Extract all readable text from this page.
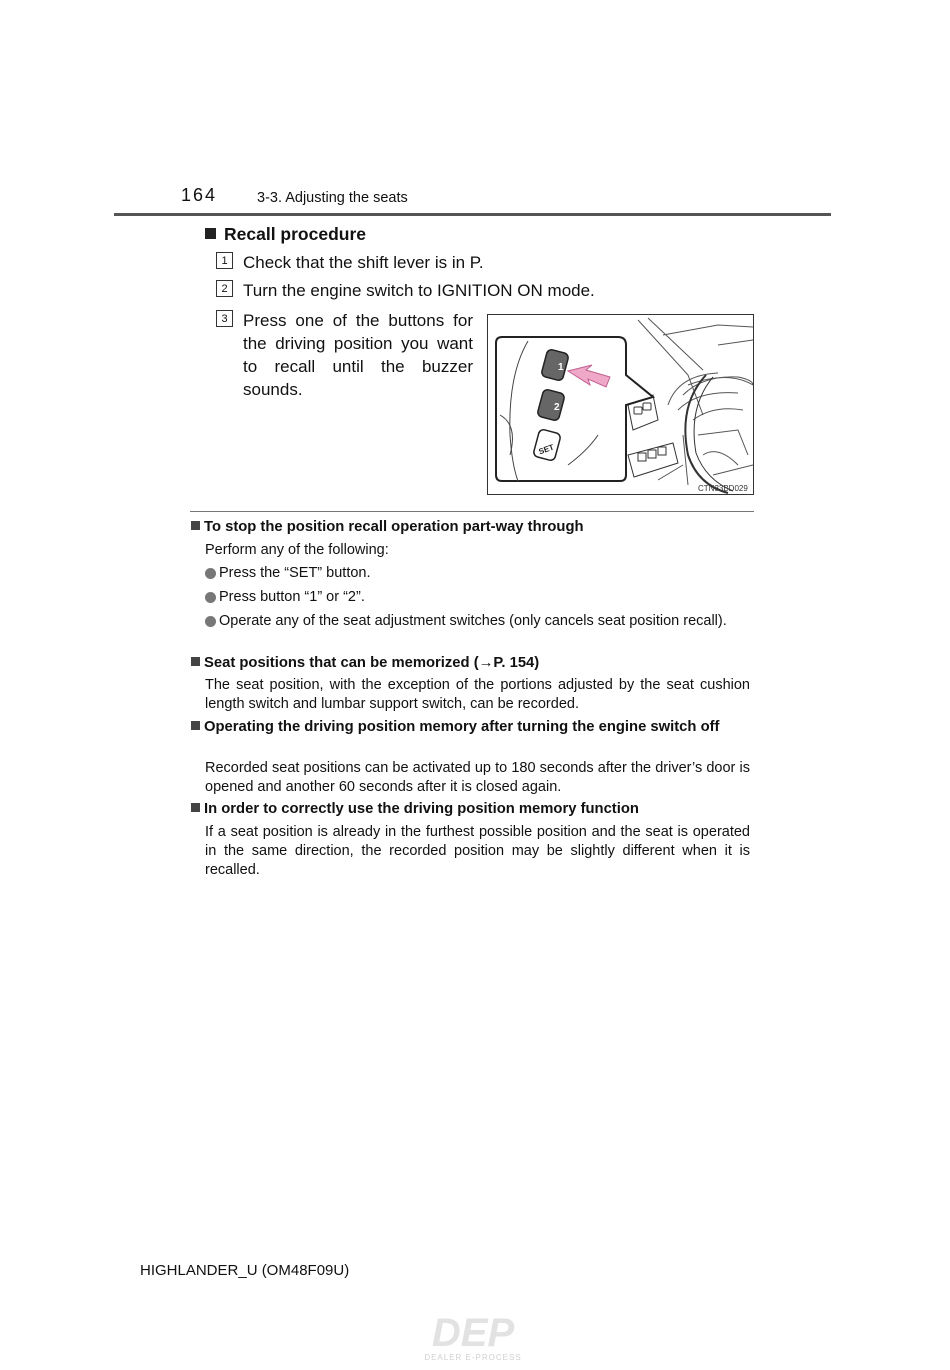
164	3-3. Adjusting the seats
Recall procedure
1 Check that the shift lever is in P.
2 Turn the engine switch to IGNITION ON mode.
3 Press one of the buttons for the driving position you want to recall until the buzzer sounds.
1
2
SET
CTN33BD029
To stop the position recall operation part-way through
Perform any of the following:
Press the “SET” button.
Press button “1” or “2”.
Operate any of the seat adjustment switches (only cancels seat position recall).
Seat positions that can be memorized (→P. 154)
The seat position, with the exception of the portions adjusted by the seat cushion length switch and lumbar support switch, can be recorded.
Operating the driving position memory after turning the engine switch off
Recorded seat positions can be activated up to 180 seconds after the driver’s door is opened and another 60 seconds after it is closed again.
In order to correctly use the driving position memory function
If a seat position is already in the furthest possible position and the seat is operated in the same direction, the recorded position may be slightly different when it is recalled.
HIGHLANDER_U (OM48F09U)
DEP
DEALER E-PROCESS
